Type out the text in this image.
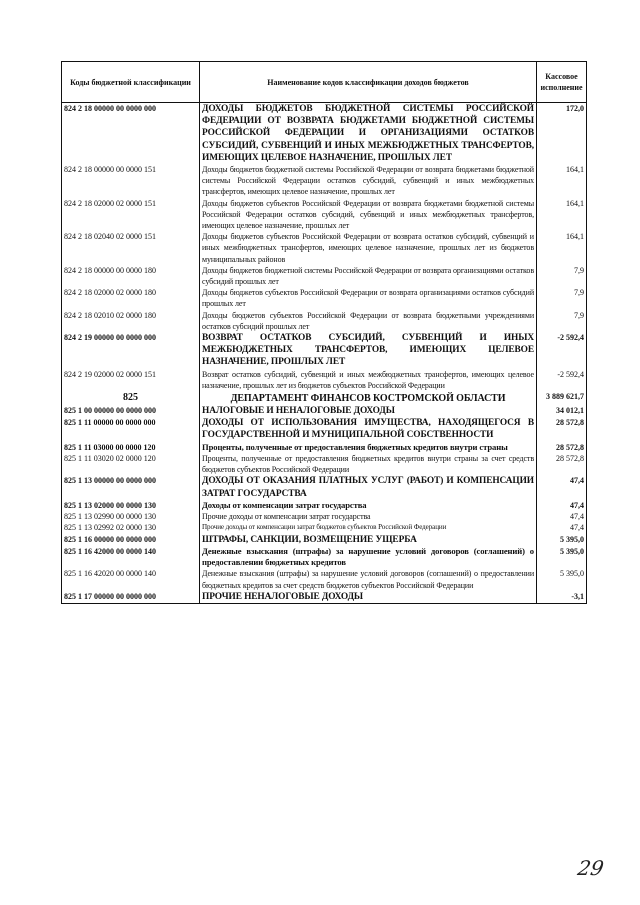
Коды бюджетной классификации	Наименование кодов классификации доходов бюджетов	Кассовое исполнение
824 2 18 00000 00 0000 000	ДОХОДЫ БЮДЖЕТОВ БЮДЖЕТНОЙ СИСТЕМЫ РОССИЙСКОЙ ФЕДЕРАЦИИ ОТ ВОЗВРАТА БЮДЖЕТАМИ БЮДЖЕТНОЙ СИСТЕМЫ РОССИЙСКОЙ ФЕДЕРАЦИИ И ОРГАНИЗАЦИЯМИ ОСТАТКОВ СУБСИДИЙ, СУБВЕНЦИЙ И ИНЫХ МЕЖБЮДЖЕТНЫХ ТРАНСФЕРТОВ, ИМЕЮЩИХ ЦЕЛЕВОЕ НАЗНАЧЕНИЕ, ПРОШЛЫХ ЛЕТ	172,0
824 2 18 00000 00 0000 151	Доходы бюджетов бюджетной системы Российской Федерации от возврата бюджетами бюджетной системы Российской Федерации остатков субсидий, субвенций и иных межбюджетных трансфертов, имеющих целевое назначение, прошлых лет	164,1
824 2 18 02000 02 0000 151	Доходы бюджетов субъектов Российской Федерации от возврата бюджетами бюджетной системы Российской Федерации остатков субсидий, субвенций и иных межбюджетных трансфертов, имеющих целевое назначение, прошлых лет	164,1
824 2 18 02040 02 0000 151	Доходы бюджетов субъектов Российской Федерации от возврата остатков субсидий, субвенций и иных межбюджетных трансфертов, имеющих целевое назначение, прошлых лет из бюджетов муниципальных районов	164,1
824 2 18 00000 00 0000 180	Доходы бюджетов бюджетной системы Российской Федерации от возврата организациями остатков субсидий прошлых лет	7,9
824 2 18 02000 02 0000 180	Доходы бюджетов субъектов Российской Федерации от возврата организациями остатков субсидий прошлых лет	7,9
824 2 18 02010 02 0000 180	Доходы бюджетов субъектов Российской Федерации от возврата бюджетными учреждениями остатков субсидий прошлых лет	7,9
824 2 19 00000 00 0000 000	ВОЗВРАТ ОСТАТКОВ СУБСИДИЙ, СУБВЕНЦИЙ И ИНЫХ МЕЖБЮДЖЕТНЫХ ТРАНСФЕРТОВ, ИМЕЮЩИХ ЦЕЛЕВОЕ НАЗНАЧЕНИЕ, ПРОШЛЫХ ЛЕТ	-2 592,4
824 2 19 02000 02 0000 151	Возврат остатков субсидий, субвенций и иных межбюджетных трансфертов, имеющих целевое назначение, прошлых лет из бюджетов субъектов Российской Федерации	-2 592,4
825	ДЕПАРТАМЕНТ ФИНАНСОВ КОСТРОМСКОЙ ОБЛАСТИ	3 889 621,7
825 1 00 00000 00 0000 000	НАЛОГОВЫЕ И НЕНАЛОГОВЫЕ ДОХОДЫ	34 012,1
825 1 11 00000 00 0000 000	ДОХОДЫ ОТ ИСПОЛЬЗОВАНИЯ ИМУЩЕСТВА, НАХОДЯЩЕГОСЯ В ГОСУДАРСТВЕННОЙ И МУНИЦИПАЛЬНОЙ СОБСТВЕННОСТИ	28 572,8
825 1 11 03000 00 0000 120	Проценты, полученные от предоставления бюджетных кредитов внутри страны	28 572,8
825 1 11 03020 02 0000 120	Проценты, полученные от предоставления бюджетных кредитов внутри страны за счет средств бюджетов субъектов Российской Федерации	28 572,8
825 1 13 00000 00 0000 000	ДОХОДЫ ОТ ОКАЗАНИЯ ПЛАТНЫХ УСЛУГ (РАБОТ) И КОМПЕНСАЦИИ ЗАТРАТ ГОСУДАРСТВА	47,4
825 1 13 02000 00 0000 130	Доходы от компенсации затрат государства	47,4
825 1 13 02990 00 0000 130	Прочие доходы от компенсации затрат государства	47,4
825 1 13 02992 02 0000 130	Прочие доходы от компенсации затрат бюджетов субъектов Российской Федерации	47,4
825 1 16 00000 00 0000 000	ШТРАФЫ, САНКЦИИ, ВОЗМЕЩЕНИЕ УЩЕРБА	5 395,0
825 1 16 42000 00 0000 140	Денежные взыскания (штрафы) за нарушение условий договоров (соглашений) о предоставлении бюджетных кредитов	5 395,0
825 1 16 42020 00 0000 140	Денежные взыскания (штрафы) за нарушение условий договоров (соглашений) о предоставлении бюджетных кредитов за счет средств бюджетов субъектов Российской Федерации	5 395,0
825 1 17 00000 00 0000 000	ПРОЧИЕ НЕНАЛОГОВЫЕ ДОХОДЫ	-3,1
29
